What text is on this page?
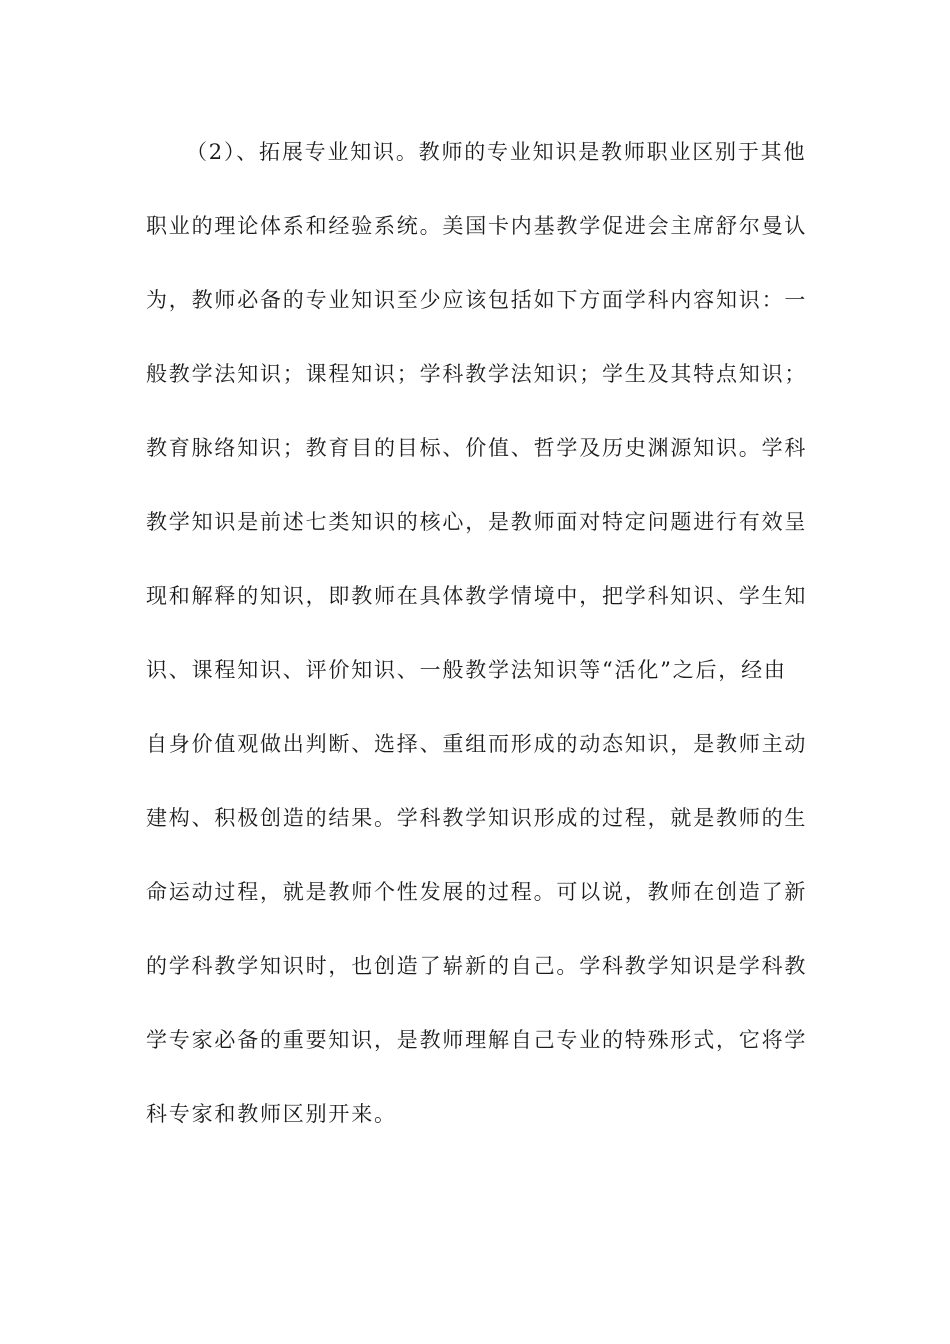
（2）、拓展专业知识。教师的专业知识是教师职业区别于其他
职业的理论体系和经验系统。美国卡内基教学促进会主席舒尔曼认
为，教师必备的专业知识至少应该包括如下方面学科内容知识：一
般教学法知识；课程知识；学科教学法知识；学生及其特点知识；
教育脉络知识；教育目的目标、价值、哲学及历史渊源知识。学科
教学知识是前述七类知识的核心，是教师面对特定问题进行有效呈
现和解释的知识，即教师在具体教学情境中，把学科知识、学生知
识、课程知识、评价知识、一般教学法知识等“活化”之后，经由
自身价值观做出判断、选择、重组而形成的动态知识，是教师主动
建构、积极创造的结果。学科教学知识形成的过程，就是教师的生
命运动过程，就是教师个性发展的过程。可以说，教师在创造了新
的学科教学知识时，也创造了崭新的自己。学科教学知识是学科教
学专家必备的重要知识，是教师理解自己专业的特殊形式，它将学
科专家和教师区别开来。
